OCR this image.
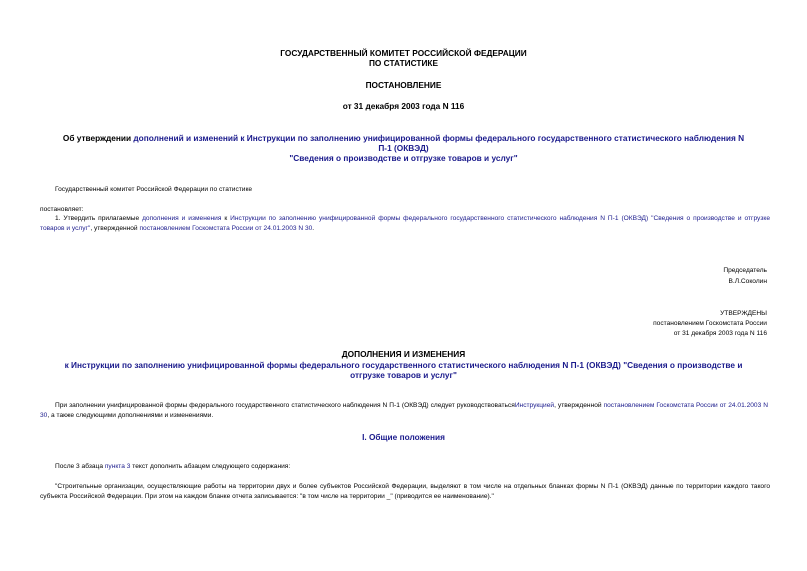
ГОСУДАРСТВЕННЫЙ КОМИТЕТ РОССИЙСКОЙ ФЕДЕРАЦИИ
ПО СТАТИСТИКЕ
ПОСТАНОВЛЕНИЕ
от 31 декабря 2003 года N 116
Об утверждении дополнений и изменений к Инструкции по заполнению унифицированной формы федерального государственного статистического наблюдения N
П-1 (ОКВЭД)
"Сведения о производстве и отгрузке товаров и услуг"
Государственный комитет Российской Федерации по статистике
постановляет:
1. Утвердить прилагаемые дополнения и изменения к Инструкции по заполнению унифицированной формы федерального государственного статистического наблюдения N П-1 (ОКВЭД) "Сведения о производстве и отгрузке товаров и услуг", утвержденной постановлением Госкомстата России от 24.01.2003 N 30.
Председатель
В.Л.Соколин
УТВЕРЖДЕНЫ
постановлением Госкомстата России
от 31 декабря 2003 года N 116
ДОПОЛНЕНИЯ И ИЗМЕНЕНИЯ
к Инструкции по заполнению унифицированной формы федерального государственного статистического наблюдения N П-1 (ОКВЭД) "Сведения о производстве и
отгрузке товаров и услуг"
При заполнении унифицированной формы федерального государственного статистического наблюдения N П-1 (ОКВЭД) следует руководствоватьсяИнструкцией, утвержденной постановлением Госкомстата России от 24.01.2003 N 30, а также следующими дополнениями и изменениями.
I. Общие положения
После 3 абзаца пункта 3 текст дополнить абзацем следующего содержания:
"Строительные организации, осуществляющие работы на территории двух и более субъектов Российской Федерации, выделяют в том числе на отдельных бланках формы N П-1 (ОКВЭД) данные по территории каждого такого субъекта Российской Федерации. При этом на каждом бланке отчета записывается: "в том числе на территории _" (приводится ее наименование)."
